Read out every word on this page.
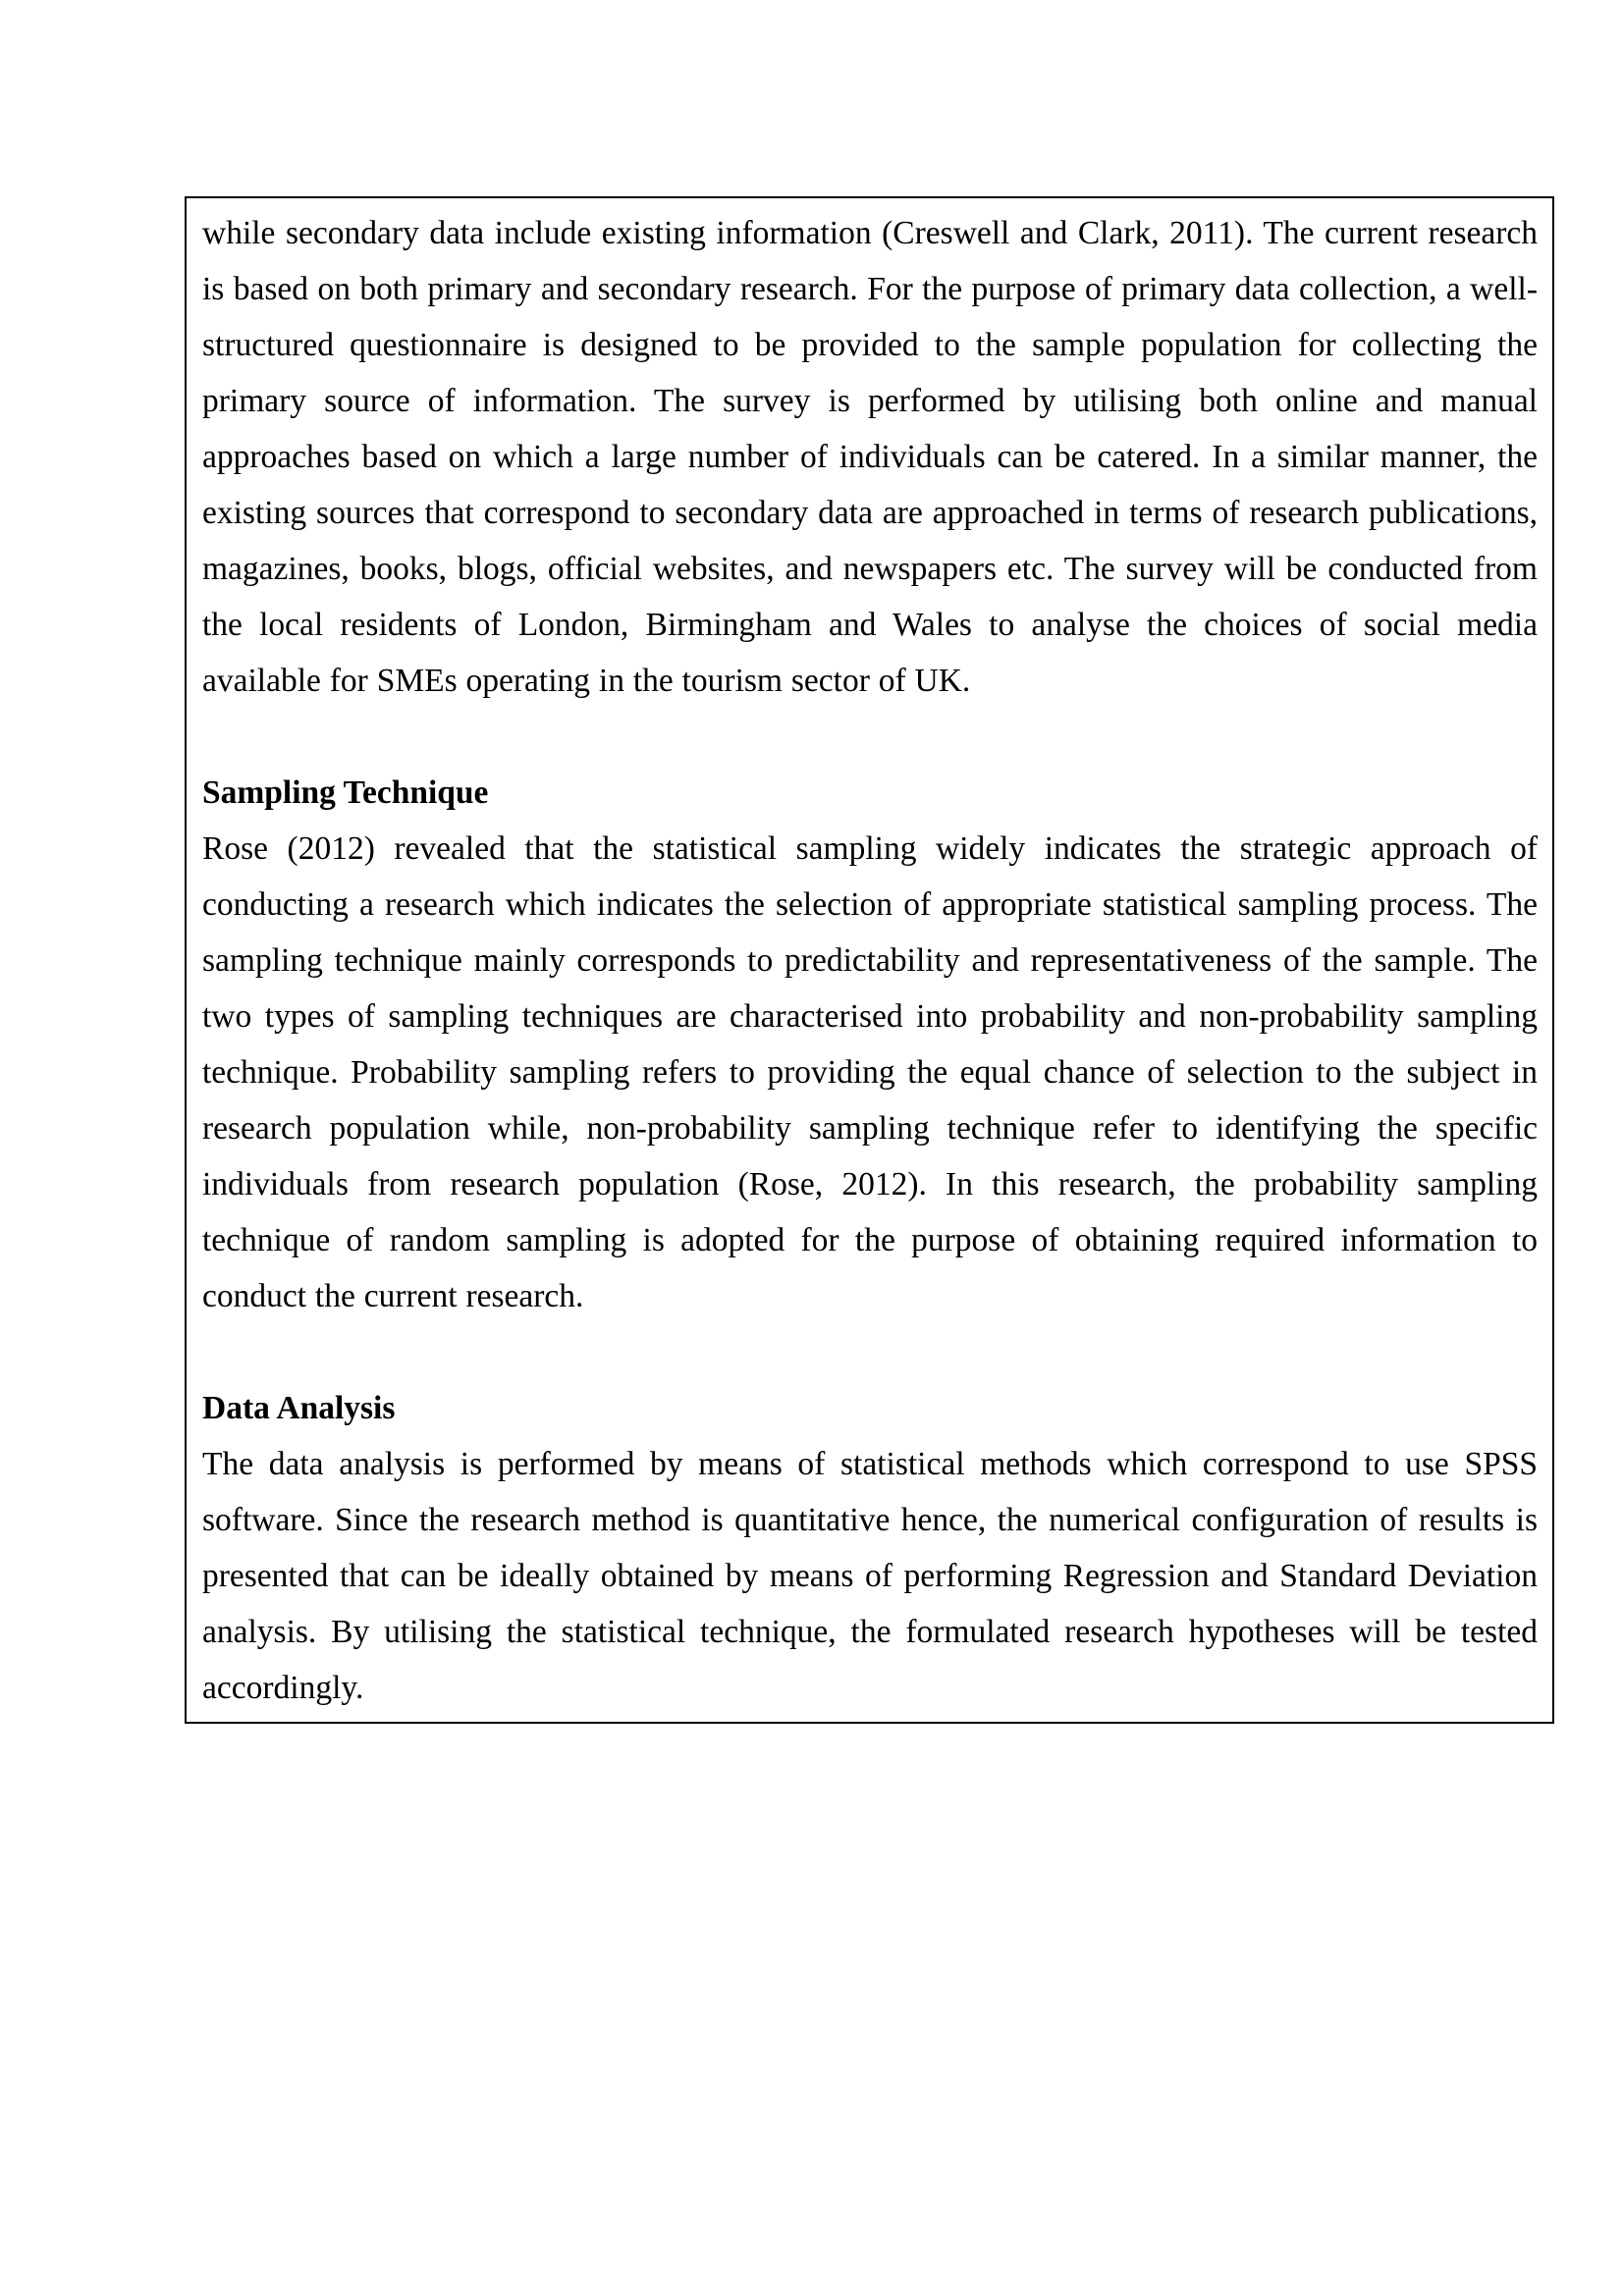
while secondary data include existing information (Creswell and Clark, 2011). The current research is based on both primary and secondary research. For the purpose of primary data collection, a well-structured questionnaire is designed to be provided to the sample population for collecting the primary source of information. The survey is performed by utilising both online and manual approaches based on which a large number of individuals can be catered. In a similar manner, the existing sources that correspond to secondary data are approached in terms of research publications, magazines, books, blogs, official websites, and newspapers etc. The survey will be conducted from the local residents of London, Birmingham and Wales to analyse the choices of social media available for SMEs operating in the tourism sector of UK.

Sampling Technique

Rose (2012) revealed that the statistical sampling widely indicates the strategic approach of conducting a research which indicates the selection of appropriate statistical sampling process. The sampling technique mainly corresponds to predictability and representativeness of the sample. The two types of sampling techniques are characterised into probability and non-probability sampling technique. Probability sampling refers to providing the equal chance of selection to the subject in research population while, non-probability sampling technique refer to identifying the specific individuals from research population (Rose, 2012). In this research, the probability sampling technique of random sampling is adopted for the purpose of obtaining required information to conduct the current research.

Data Analysis

The data analysis is performed by means of statistical methods which correspond to use SPSS software. Since the research method is quantitative hence, the numerical configuration of results is presented that can be ideally obtained by means of performing Regression and Standard Deviation analysis. By utilising the statistical technique, the formulated research hypotheses will be tested accordingly.
